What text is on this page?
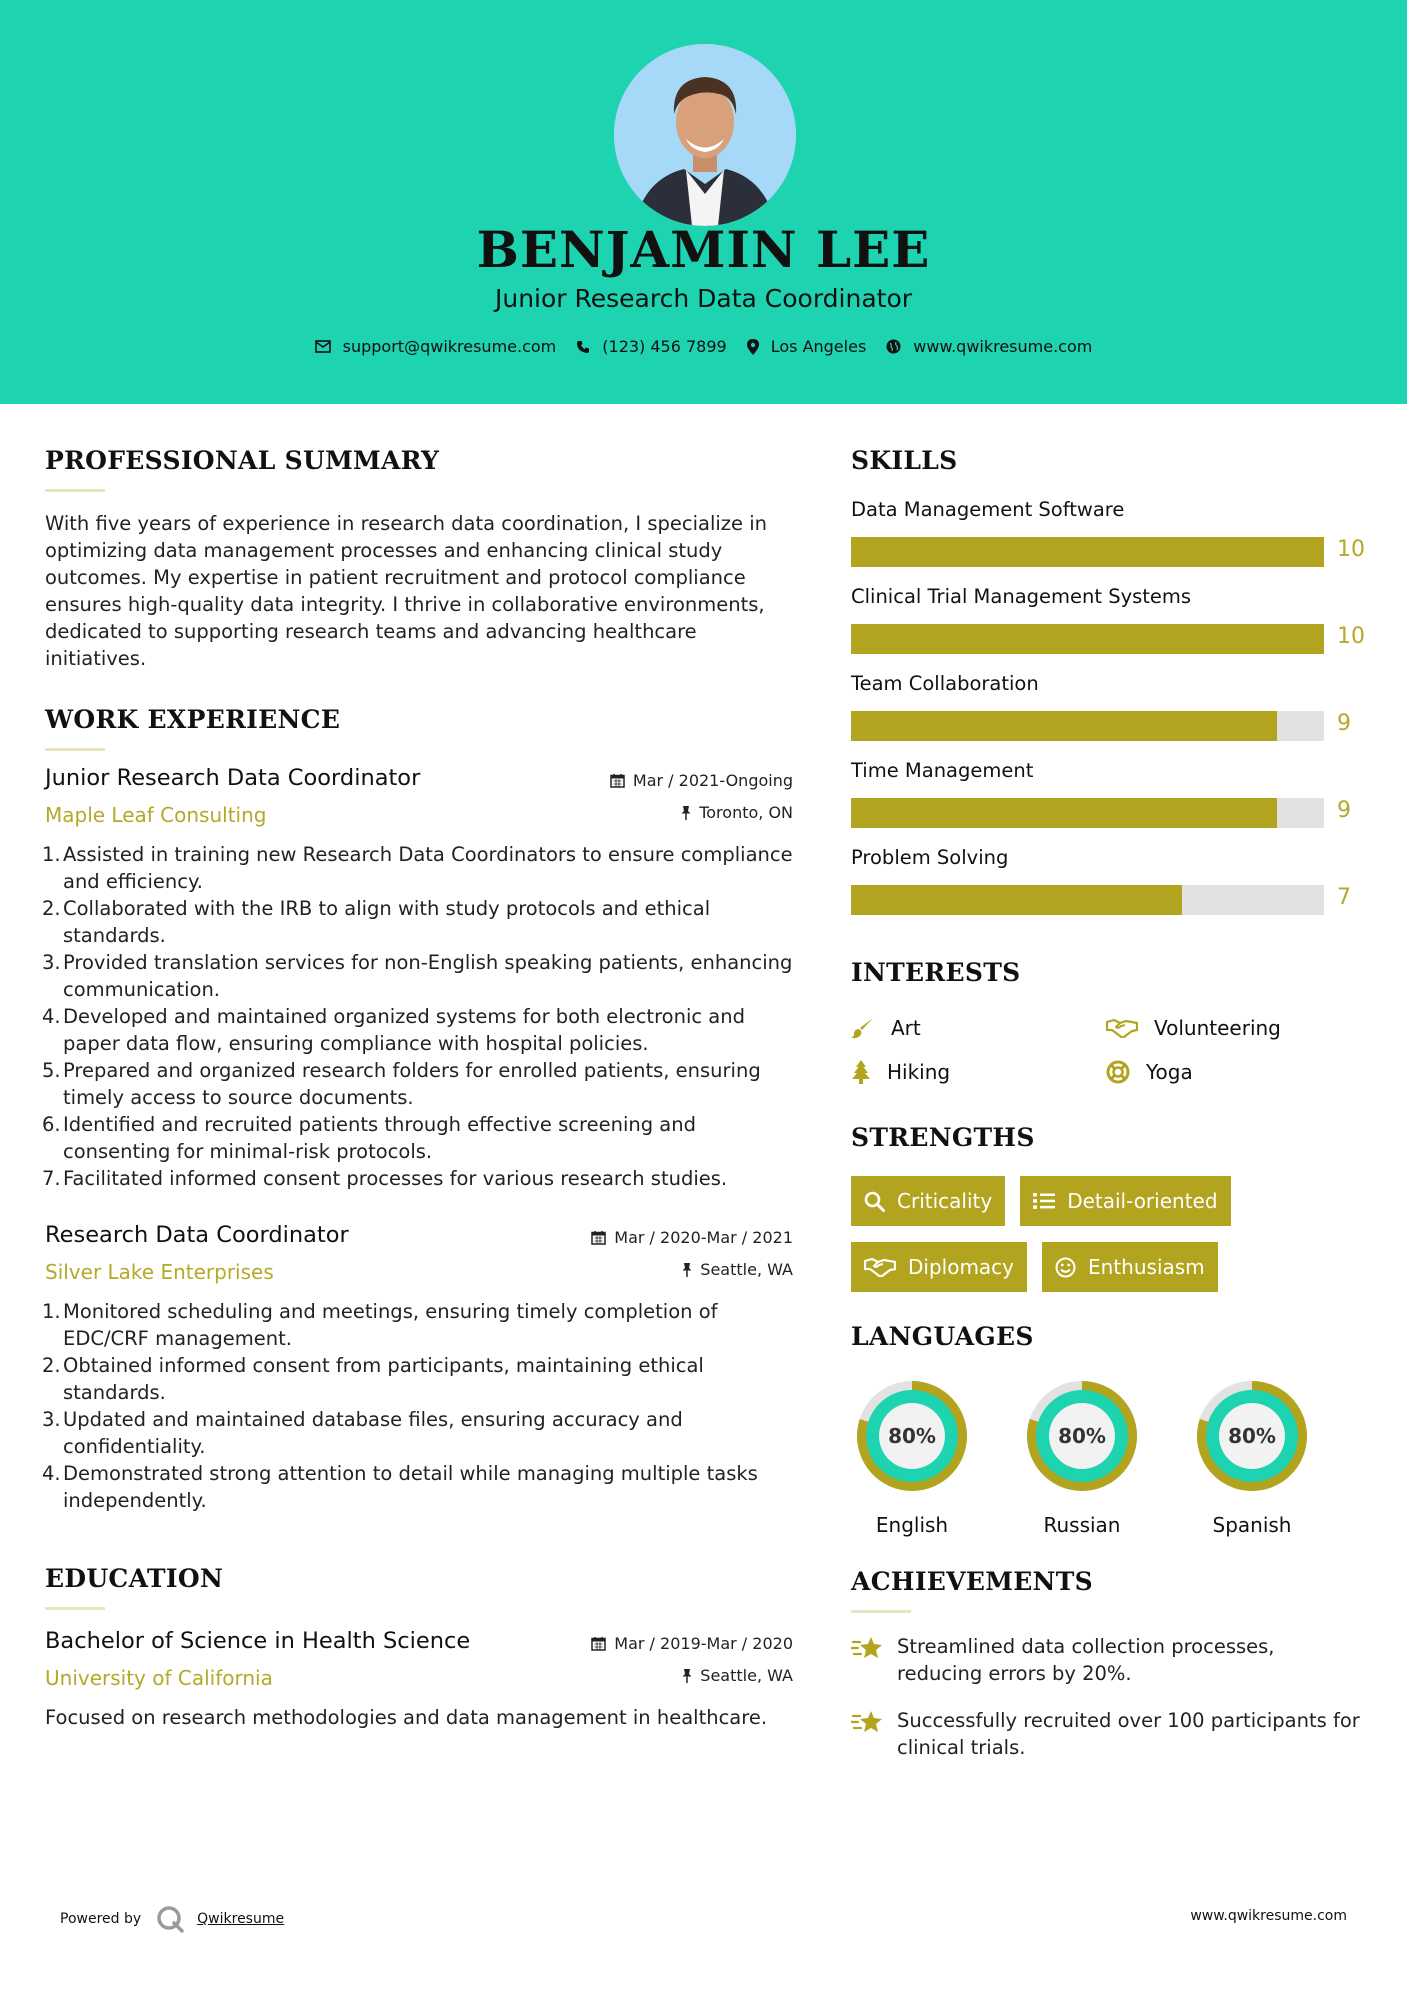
BENJAMIN LEE
Junior Research Data Coordinator
support@qwikresume.com	(123) 456 7899	Los Angeles	www.qwikresume.com
PROFESSIONAL SUMMARY

With five years of experience in research data coordination, I specialize in optimizing data management processes and enhancing clinical study outcomes. My expertise in patient recruitment and protocol compliance ensures high-quality data integrity. I thrive in collaborative environments, dedicated to supporting research teams and advancing healthcare initiatives.

WORK EXPERIENCE
Junior Research Data Coordinator
Maple Leaf Consulting
Mar / 2021-Ongoing
Toronto, ON
1. Assisted in training new Research Data Coordinators to ensure compliance and efficiency.
2. Collaborated with the IRB to align with study protocols and ethical standards.
3. Provided translation services for non-English speaking patients, enhancing communication.
4. Developed and maintained organized systems for both electronic and paper data flow, ensuring compliance with hospital policies.
5. Prepared and organized research folders for enrolled patients, ensuring timely access to source documents.
6. Identified and recruited patients through effective screening and consenting for minimal-risk protocols.
7. Facilitated informed consent processes for various research studies.
Research Data Coordinator
Silver Lake Enterprises
Mar / 2020-Mar / 2021
Seattle, WA
1. Monitored scheduling and meetings, ensuring timely completion of EDC/CRF management.
2. Obtained informed consent from participants, maintaining ethical standards.
3. Updated and maintained database files, ensuring accuracy and confidentiality.
4. Demonstrated strong attention to detail while managing multiple tasks independently.
EDUCATION
Bachelor of Science in Health Science
University of California
Mar / 2019-Mar / 2020
Seattle, WA

Focused on research methodologies and data management in healthcare.

SKILLS
Data Management Software
10
Clinical Trial Management Systems
10
Team Collaboration
9
Time Management
9
Problem Solving
7
INTERESTS
Art	Volunteering
Hiking	Yoga
STRENGTHS
Criticality	Detail-oriented
Diplomacy	Enthusiasm
LANGUAGES
80%
English
80%
Russian
80%
Spanish
ACHIEVEMENTS
Streamlined data collection processes, reducing errors by 20%.
Successfully recruited over 100 participants for clinical trials.
Powered by	Qwikresume	www.qwikresume.com
